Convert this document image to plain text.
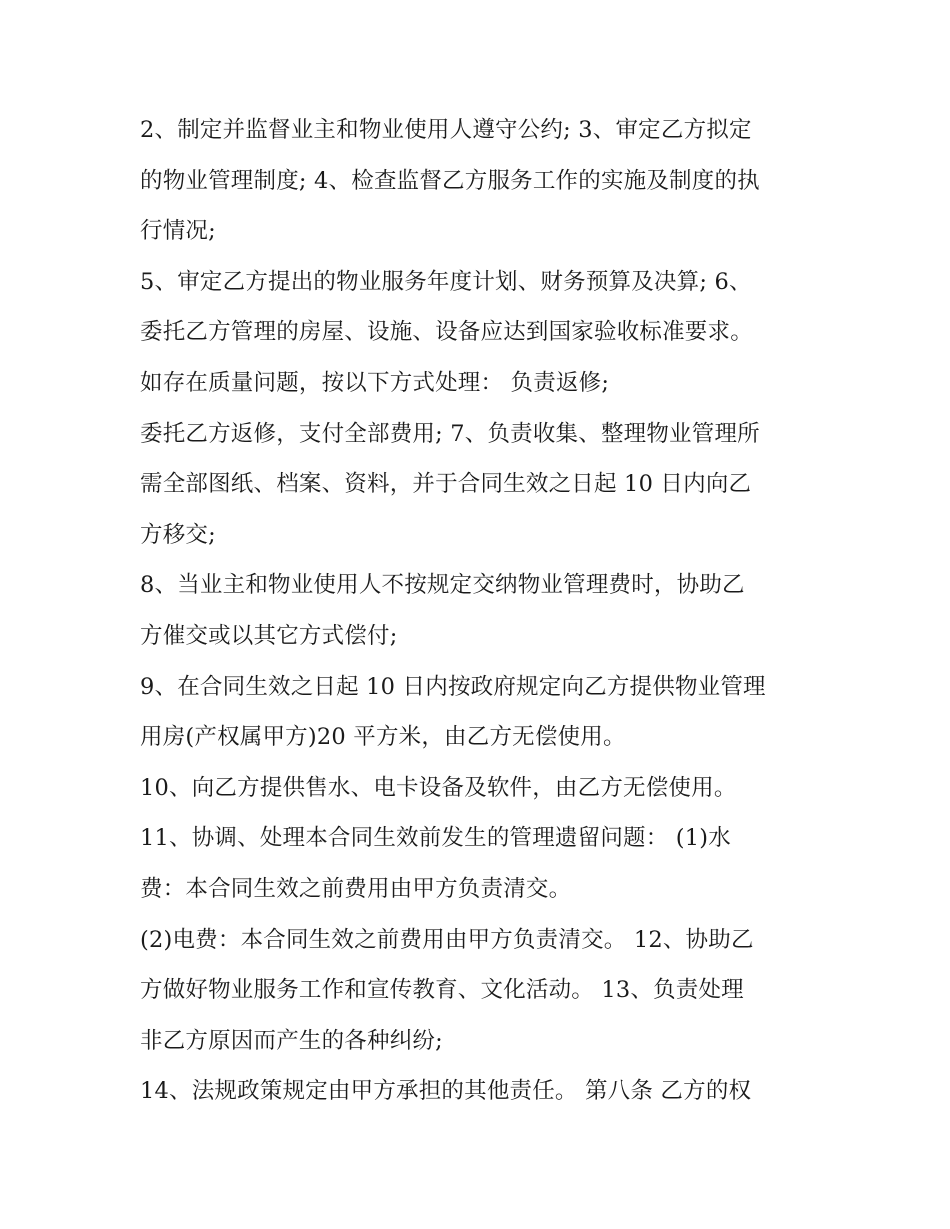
2、制定并监督业主和物业使用人遵守公约; 3、审定乙方拟定
的物业管理制度; 4、检查监督乙方服务工作的实施及制度的执
行情况;
5、审定乙方提出的物业服务年度计划、财务预算及决算; 6、
委托乙方管理的房屋、设施、设备应达到国家验收标准要求。
如存在质量问题，按以下方式处理： 负责返修;
委托乙方返修，支付全部费用; 7、负责收集、整理物业管理所
需全部图纸、档案、资料，并于合同生效之日起 10 日内向乙
方移交;
8、当业主和物业使用人不按规定交纳物业管理费时，协助乙
方催交或以其它方式偿付;
9、在合同生效之日起 10 日内按政府规定向乙方提供物业管理
用房(产权属甲方)20 平方米，由乙方无偿使用。
10、向乙方提供售水、电卡设备及软件，由乙方无偿使用。
11、协调、处理本合同生效前发生的管理遗留问题： (1)水
费：本合同生效之前费用由甲方负责清交。
(2)电费：本合同生效之前费用由甲方负责清交。 12、协助乙
方做好物业服务工作和宣传教育、文化活动。 13、负责处理
非乙方原因而产生的各种纠纷;
14、法规政策规定由甲方承担的其他责任。 第八条 乙方的权
